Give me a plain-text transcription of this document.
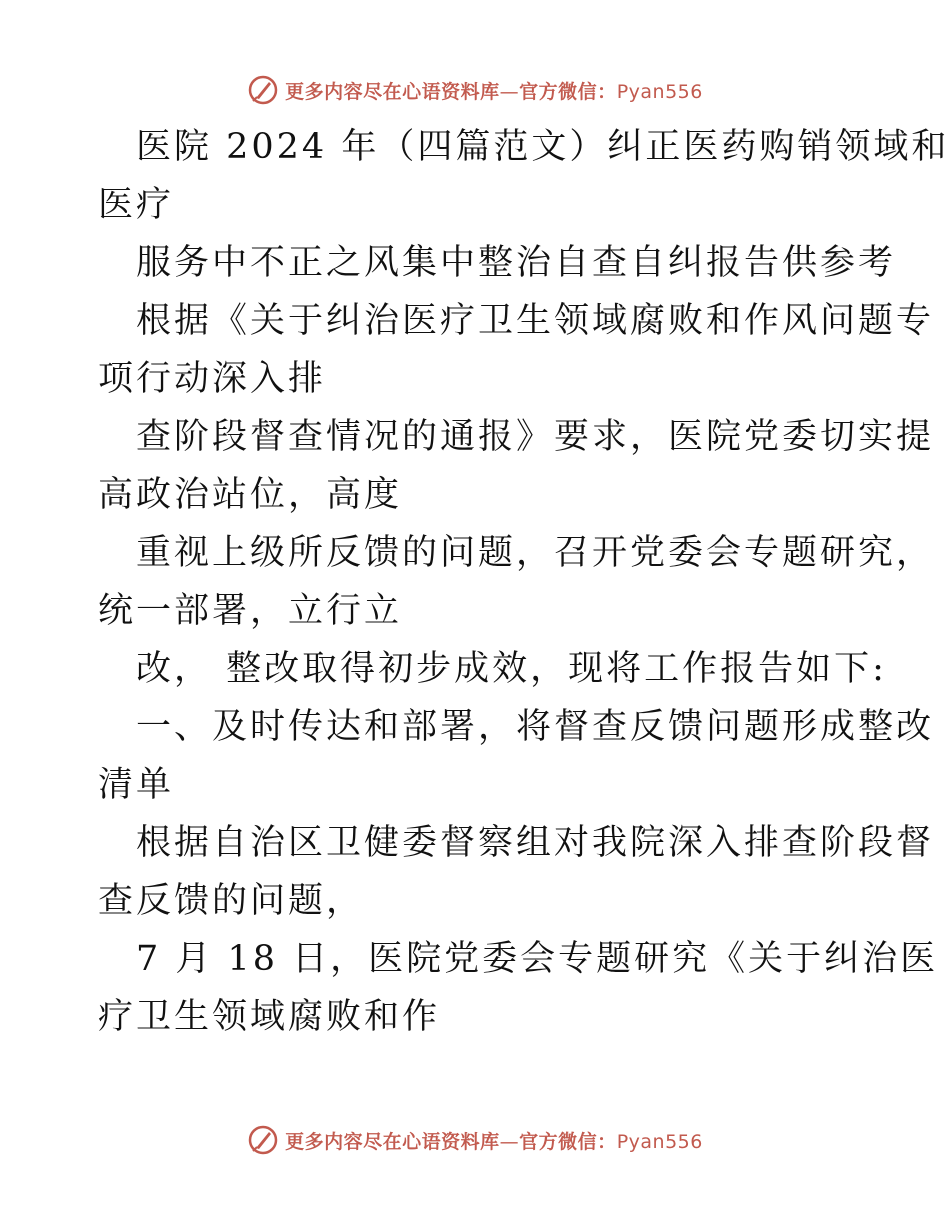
更多内容尽在心语资料库—官方微信：Pyan556
医院 2024 年（四篇范文）纠正医药购销领域和
医疗
服务中不正之风集中整治自查自纠报告供参考
根据《关于纠治医疗卫生领域腐败和作风问题专
项行动深入排
查阶段督查情况的通报》要求，医院党委切实提
高政治站位，高度
重视上级所反馈的问题，召开党委会专题研究，
统一部署，立行立
改， 整改取得初步成效，现将工作报告如下:
一、及时传达和部署，将督查反馈问题形成整改
清单
根据自治区卫健委督察组对我院深入排查阶段督
查反馈的问题，
7 月 18 日，医院党委会专题研究《关于纠治医
疗卫生领域腐败和作
更多内容尽在心语资料库—官方微信：Pyan556
